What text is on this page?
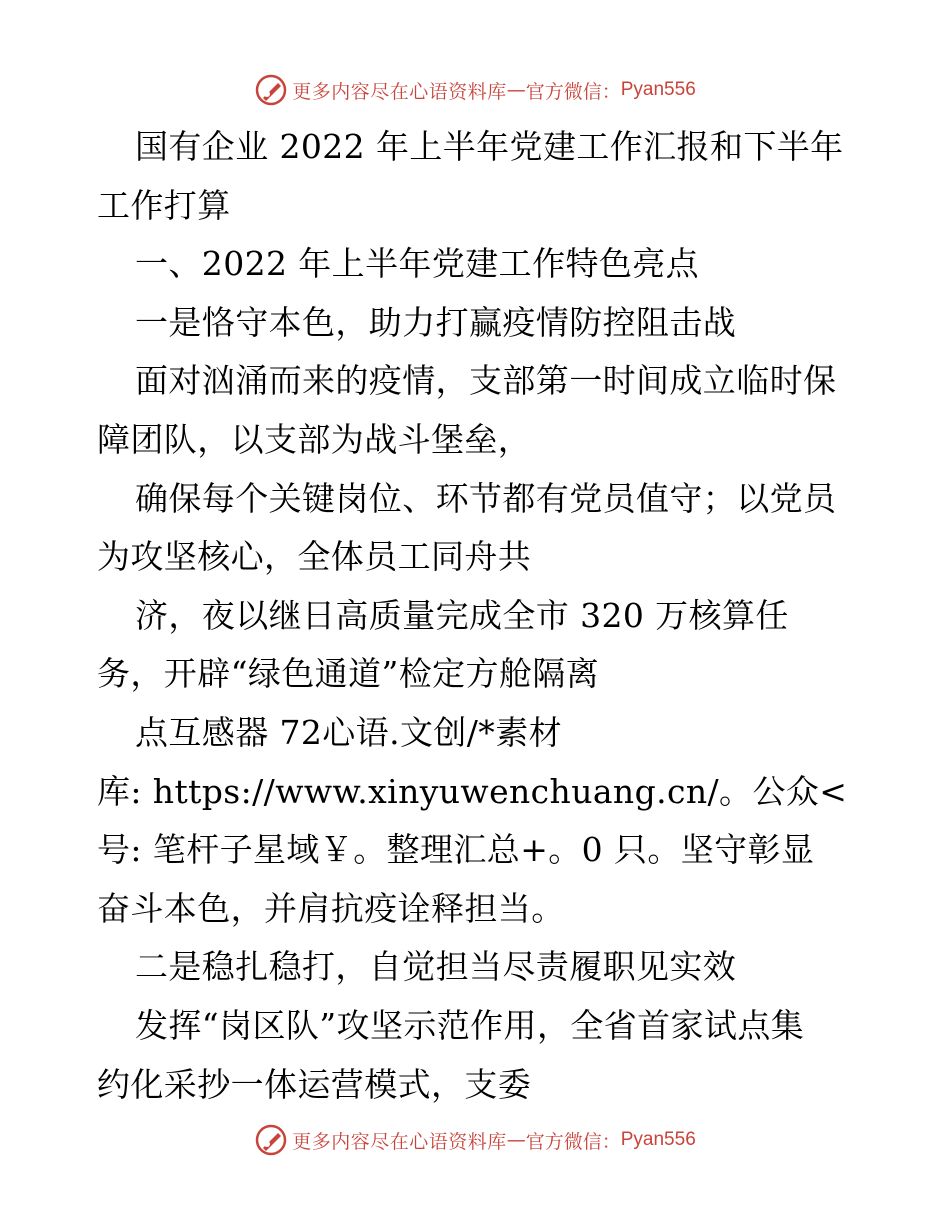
更多内容尽在心语资料库 — 官方微信： Pyan556
国有企业 2022 年上半年党建工作汇报和下半年
工作打算
一、2022 年上半年党建工作特色亮点
一是恪守本色，助力打赢疫情防控阻击战
面对汹涌而来的疫情，支部第一时间成立临时保
障团队，以支部为战斗堡垒，
确保每个关键岗位、环节都有党员值守；以党员
为攻坚核心，全体员工同舟共
济，夜以继日高质量完成全市 320 万核算任
务，开辟“绿色通道”检定方舱隔离
点互感器 72心语.文创/*素材
库: https://www.xinyuwenchuang.cn/。公众<
号: 笔杆子星域￥。整理汇总+。0 只。坚守彰显
奋斗本色，并肩抗疫诠释担当。
二是稳扎稳打，自觉担当尽责履职见实效
发挥“岗区队”攻坚示范作用，全省首家试点集
约化采抄一体运营模式，支委
更多内容尽在心语资料库 — 官方微信： Pyan556
